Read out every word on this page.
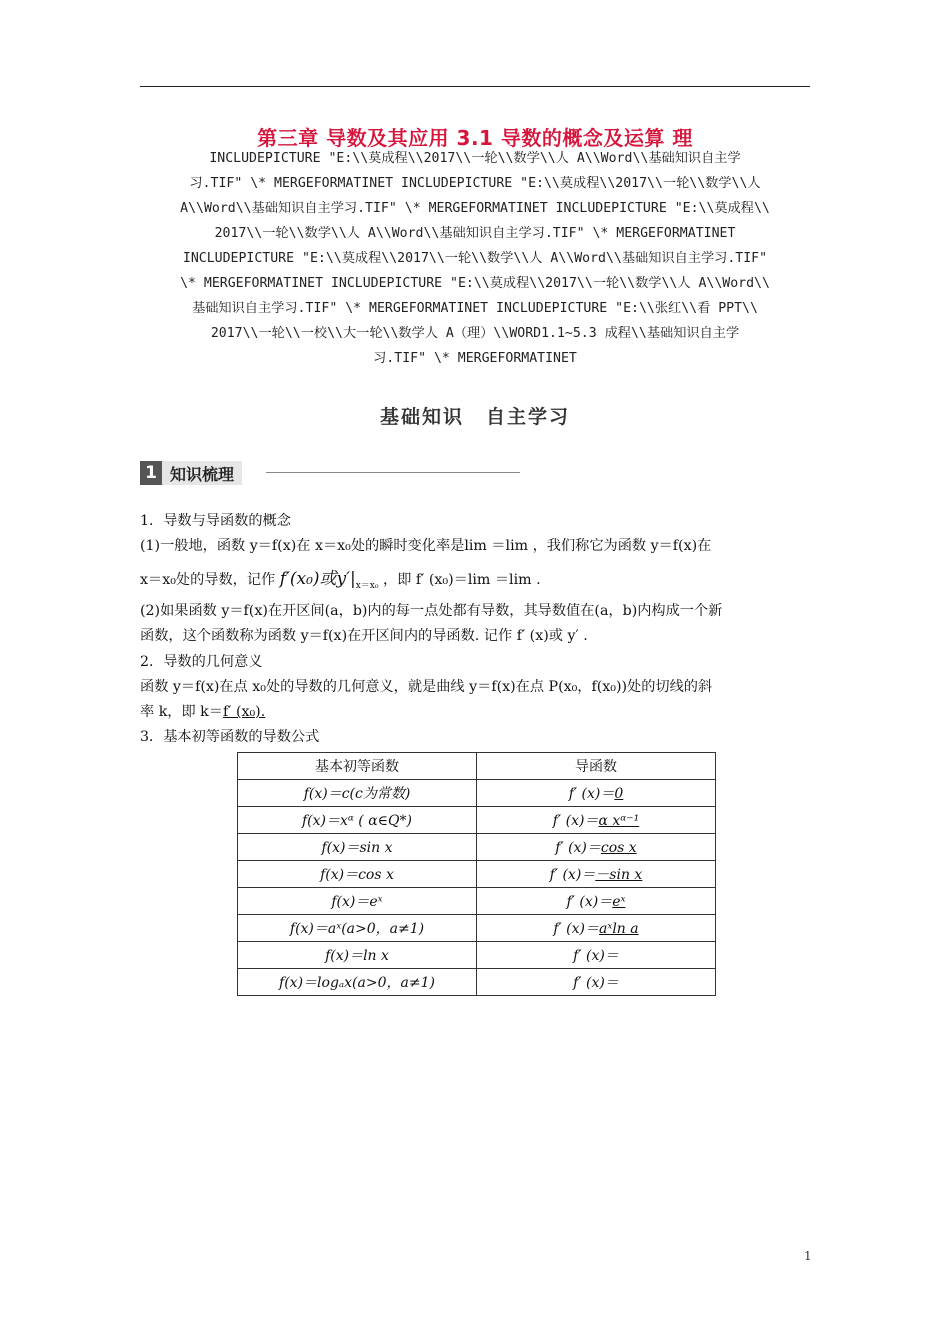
第三章 导数及其应用 3.1 导数的概念及运算 理
INCLUDEPICTURE "E:\\莫成程\\2017\\一轮\\数学\\人 A\\Word\\基础知识自主学
习.TIF" \* MERGEFORMATINET INCLUDEPICTURE "E:\\莫成程\\2017\\一轮\\数学\\人
A\\Word\\基础知识自主学习.TIF" \* MERGEFORMATINET INCLUDEPICTURE "E:\\莫成程\\
2017\\一轮\\数学\\人 A\\Word\\基础知识自主学习.TIF" \* MERGEFORMATINET
INCLUDEPICTURE "E:\\莫成程\\2017\\一轮\\数学\\人 A\\Word\\基础知识自主学习.TIF"
\* MERGEFORMATINET INCLUDEPICTURE "E:\\莫成程\\2017\\一轮\\数学\\人 A\\Word\\
基础知识自主学习.TIF" \* MERGEFORMATINET INCLUDEPICTURE "E:\\张红\\看 PPT\\
2017\\一轮\\一校\\大一轮\\数学人 A（理）\\WORD1.1~5.3 成程\\基础知识自主学
习.TIF" \* MERGEFORMATINET
基础知识 自主学习
1 知识梳理
1．导数与导函数的概念
(1)一般地，函数 y＝f(x)在 x＝x₀处的瞬时变化率是lim ＝lim ，我们称它为函数 y＝f(x)在
x＝x₀处的导数，记作 f′(x₀)或$y'|_{x=x_0}$ ，即 f′ (x₀)＝lim ＝lim .
(2)如果函数 y＝f(x)在开区间(a，b)内的每一点处都有导数，其导数值在(a，b)内构成一个新
函数，这个函数称为函数 y＝f(x)在开区间内的导函数. 记作 f′ (x)或 y′ .
2．导数的几何意义
函数 y＝f(x)在点 x₀处的导数的几何意义，就是曲线 y＝f(x)在点 P(x₀，f(x₀))处的切线的斜
率 k，即 k＝f′ (x₀).
3．基本初等函数的导数公式
基本初等函数	导函数
f(x)＝c(c为常数)	f′ (x)＝0
f(x)＝xᵅ ( α∈Q*)	f′ (x)＝α xᵅ⁻¹
f(x)＝sin x	f′ (x)＝cos x
f(x)＝cos x	f′ (x)＝－sin x
f(x)＝eˣ	f′ (x)＝eˣ
f(x)＝aˣ(a>0，a≠1)	f′ (x)＝aˣln a
f(x)＝ln x	f′ (x)＝
f(x)＝logₐx(a>0，a≠1)	f′ (x)＝
1
